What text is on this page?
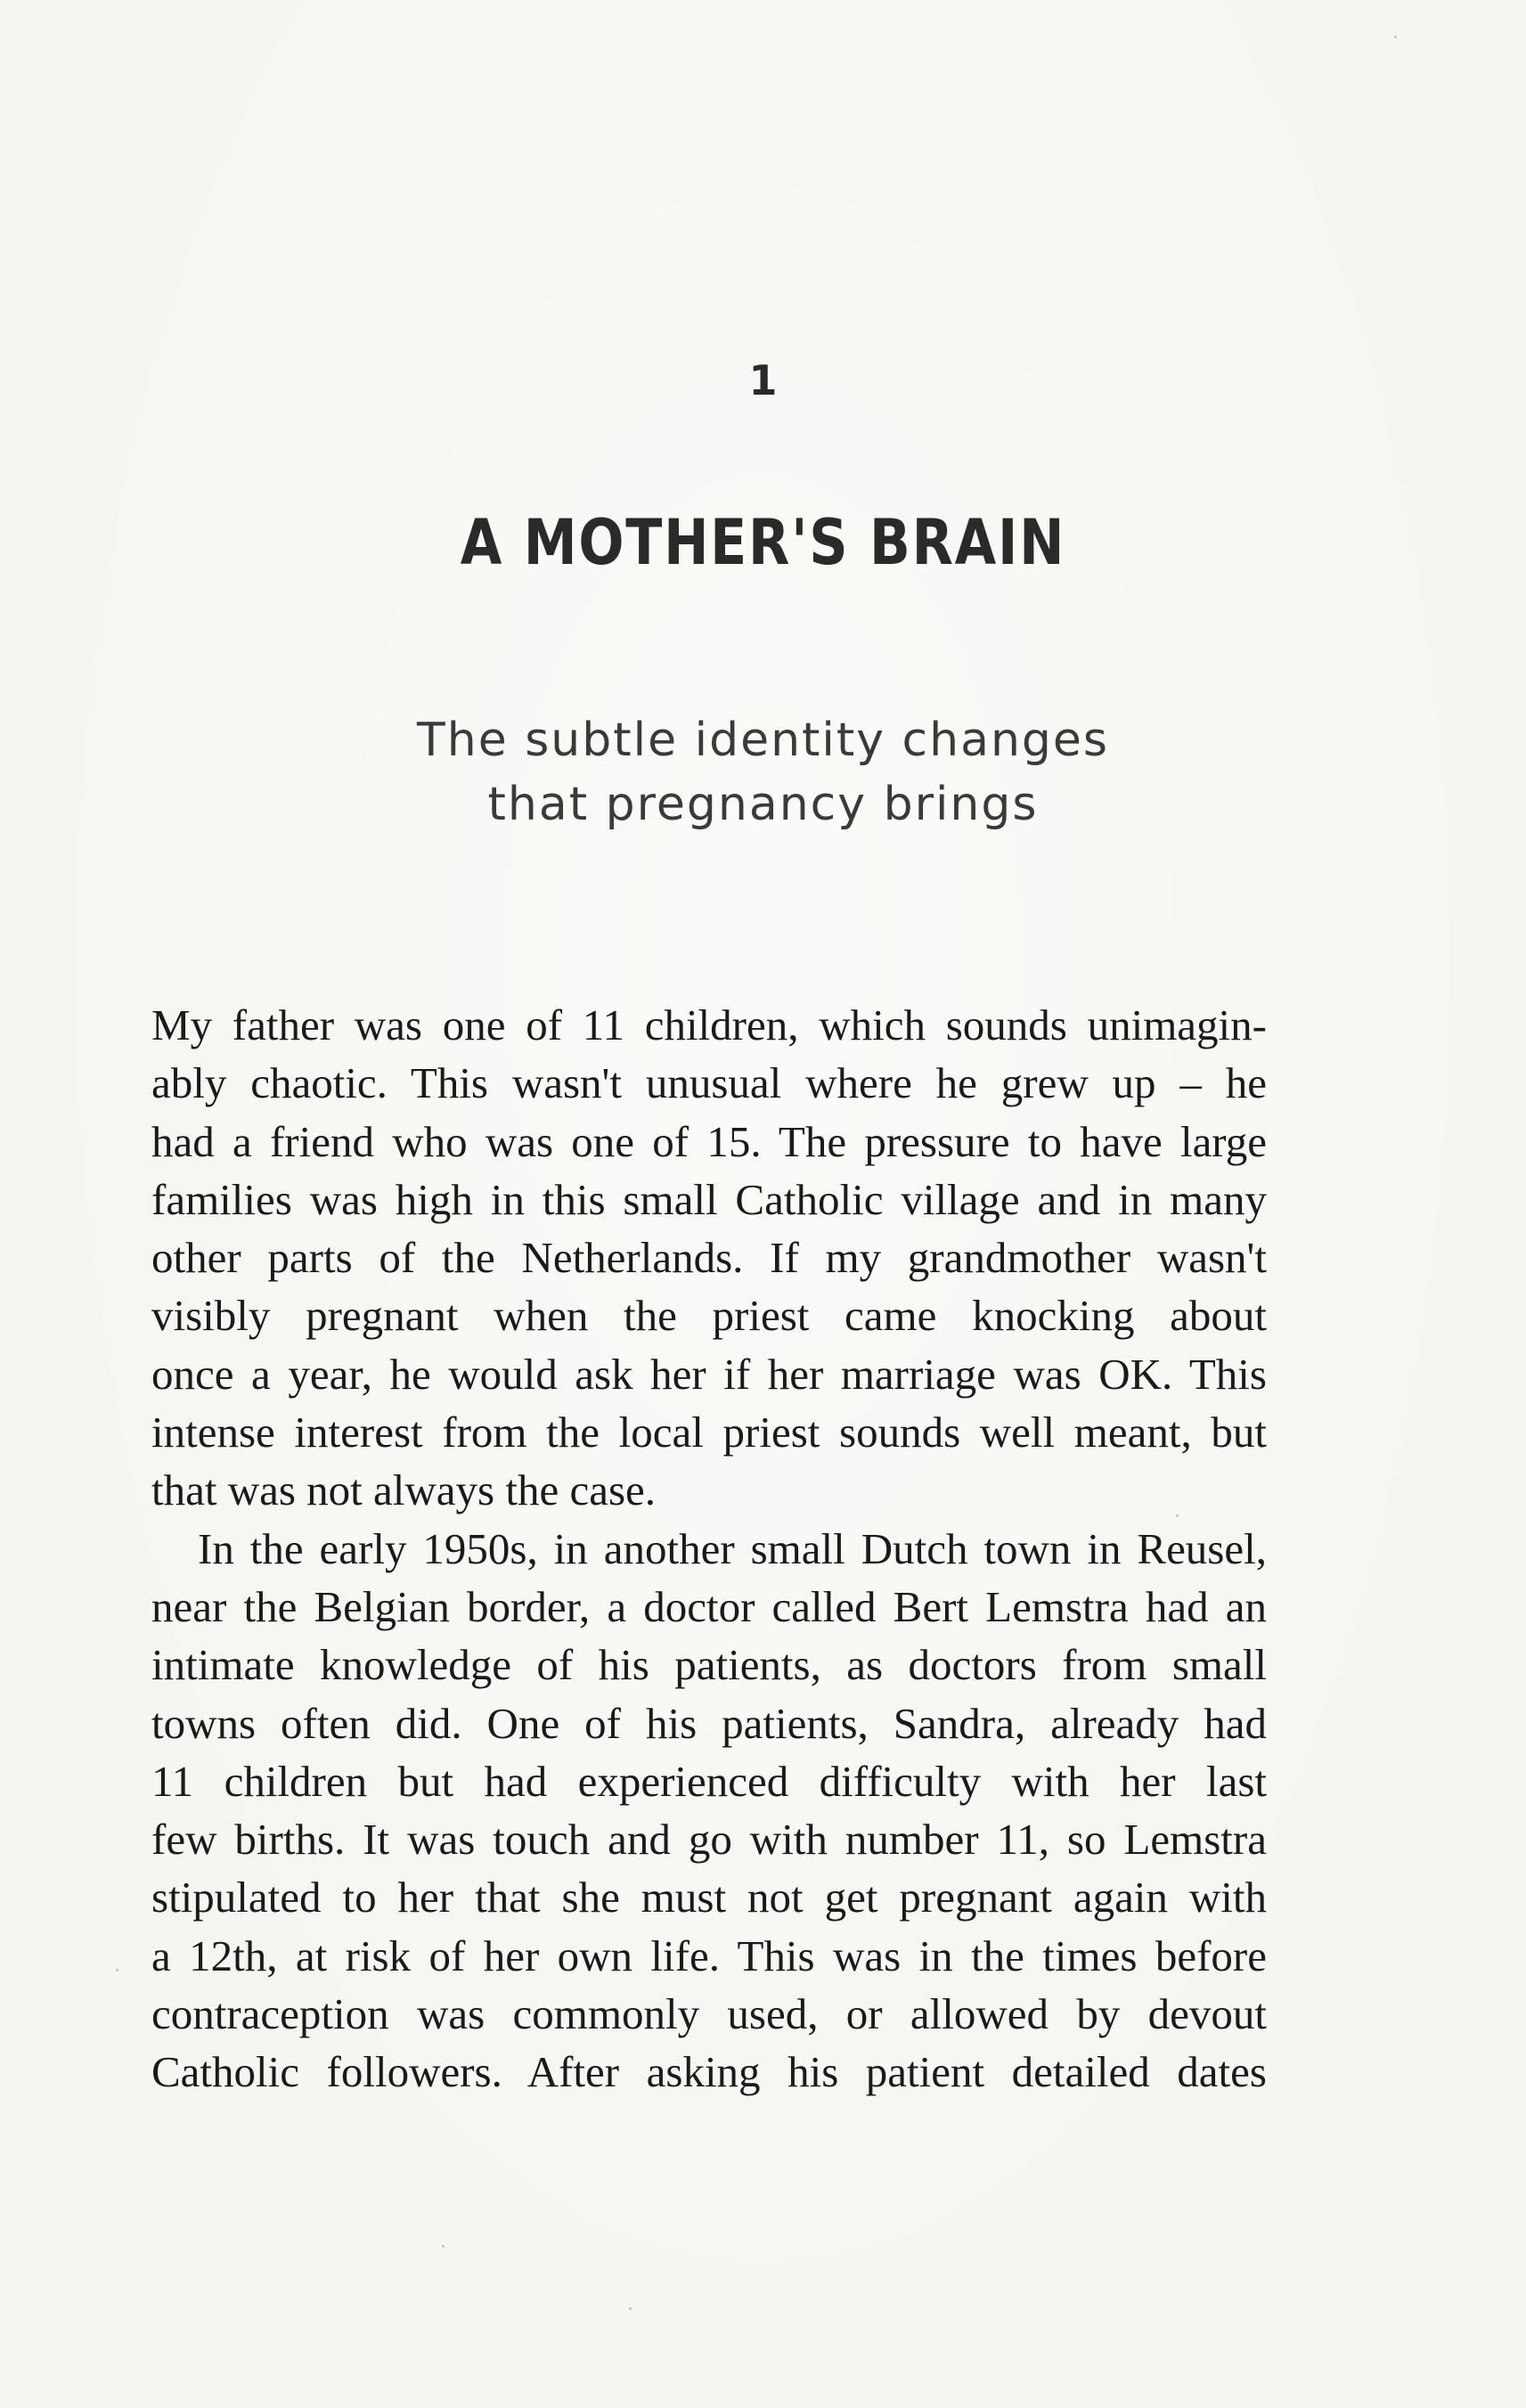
1
A MOTHER'S BRAIN
The subtle identity changes
that pregnancy brings
My father was one of 11 children, which sounds unimagin-
ably chaotic. This wasn't unusual where he grew up – he
had a friend who was one of 15. The pressure to have large
families was high in this small Catholic village and in many
other parts of the Netherlands. If my grandmother wasn't
visibly pregnant when the priest came knocking about
once a year, he would ask her if her marriage was OK. This
intense interest from the local priest sounds well meant, but
that was not always the case.
In the early 1950s, in another small Dutch town in Reusel,
near the Belgian border, a doctor called Bert Lemstra had an
intimate knowledge of his patients, as doctors from small
towns often did. One of his patients, Sandra, already had
11 children but had experienced difficulty with her last
few births. It was touch and go with number 11, so Lemstra
stipulated to her that she must not get pregnant again with
a 12th, at risk of her own life. This was in the times before
contraception was commonly used, or allowed by devout
Catholic followers. After asking his patient detailed dates
